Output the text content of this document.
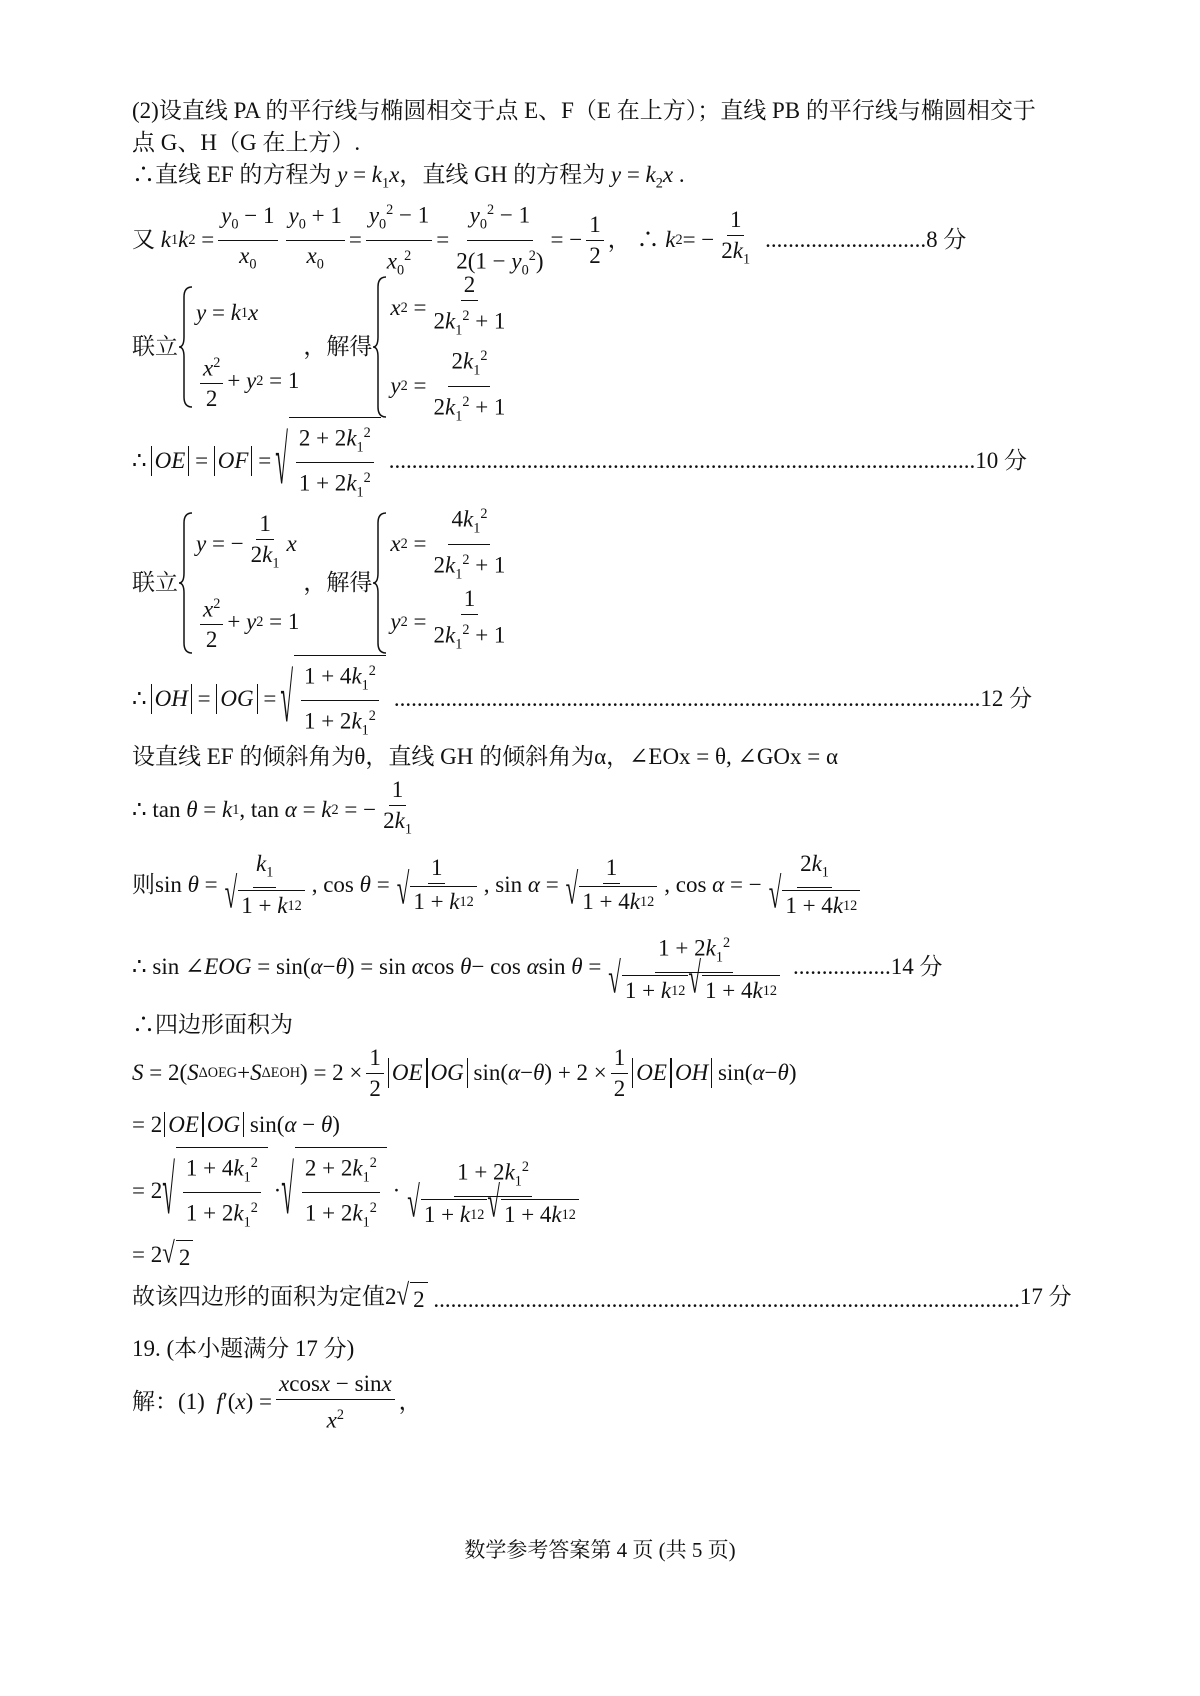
(2)设直线 PA 的平行线与椭圆相交于点 E、F（E 在上方）；直线 PB 的平行线与椭圆相交于
点 G、H（G 在上方）.
∴直线 EF 的方程为 $y = k_1x$，直线 GH 的方程为 $y = k_2x$ .
又 k 1 k $2 = \frac{y_0 - 1}{x_0} \frac{y_0 + 1}{x_0} = \frac{y_0^2 - 1}{x_0^2} = \frac{y_0^2 - 1}{2(1 - y_0^2)}$ = − $\frac{1}{2}$ ， ∴ k 2 = − $\frac{1}{2k_1}$ ............................ 8 分
联立
y = k 1 x
$\frac{x^2}{2} + y$ 2 = 1
，解得
x $2 = \frac{2}{2k_1^2 + 1}$
y $2 = \frac{2k_1^2}{2k_1^2 + 1}$
∴ OE = OF = √ $\frac{2 + 2k_1^2}{1 + 2k_1^2}$ ...................................................................................................... 10 分
联立
y = − $\frac{1}{2k_1}$ x
$\frac{x^2}{2} + y$ 2 = 1
，解得
x $2 = \frac{4k_1^2}{2k_1^2 + 1}$
y $2 = \frac{1}{2k_1^2 + 1}$
∴ OH = OG = √ $\frac{1 + 4k_1^2}{1 + 2k_1^2}$ ...................................................................................................... 12 分
设直线 EF 的倾斜角为θ，直线 GH 的倾斜角为α，∠EOx = θ, ∠GOx = α
∴ tan θ = k 1 , tan α = k 2 = − $\frac{1}{2k_1}$
则 $\sin \theta = \frac{k_1}{√ 1 + k 1 2}$ , $\cos \theta = \frac{1}{√ 1 + k 1 2}$ , $\sin \alpha = \frac{1}{√ 1 + 4 k 1 2}$ , cos α = − $\frac{2k_1}{√ 1 + 4 k 1 2}$
∴ sin ∠ EOG = sin( α − θ ) = sin α cos θ − cos α $\sin \theta = \frac{1 + 2k_1^2}{√ 1 + k 1 2 √ 1 + 4 k 1 2}$ ................. 14 分
∴四边形面积为
S = 2( S ΔOEG + S ΔEOH ) = $2 \times \frac{1}{2}$ OE OG sin( α − θ ) + $2 \times \frac{1}{2}$ OE OH sin( α − θ )
= 2 OE OG sin(α − θ)
= 2 √ $\frac{1 + 4k_1^2}{1 + 2k_1^2}$ · √ $\frac{2 + 2k_1^2}{1 + 2k_1^2} \cdot \frac{1 + 2k_1^2}{√ 1 + k 1 2 √ 1 + 4 k 1 2}$
= 2 √ 2
故该四边形的面积为定值2 √ 2 ......................................................................................................17 分
19. (本小题满分 17 分)
解：(1)
f ′( x ) = $\frac{xcosx - \sin x}{x^2}$ ，
数学参考答案第 4 页 (共 5 页)
